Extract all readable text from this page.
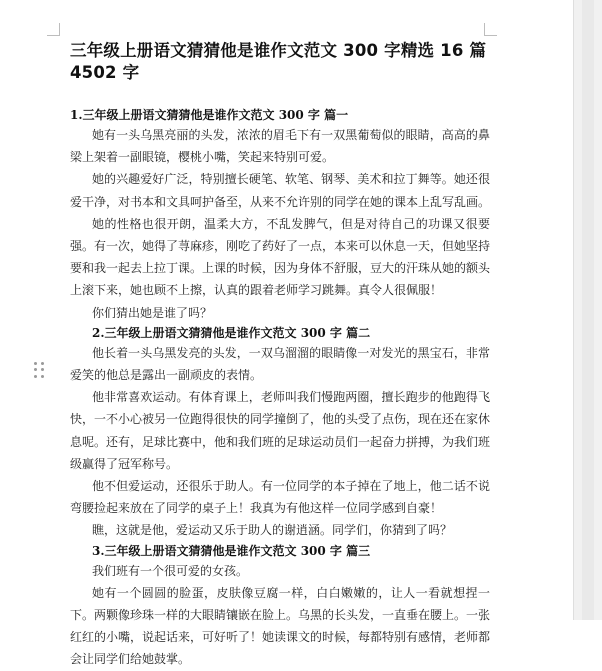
三年级上册语文猜猜他是谁作文范文 300 字精选 16 篇 4502 字
1.三年级上册语文猜猜他是谁作文范文 300 字 篇一

她有一头乌黑亮丽的头发，浓浓的眉毛下有一双黑葡萄似的眼睛，高高的鼻梁上架着一副眼镜，樱桃小嘴，笑起来特别可爱。

她的兴趣爱好广泛，特别擅长硬笔、软笔、钢琴、美术和拉丁舞等。她还很爱干净，对书本和文具呵护备至，从来不允许别的同学在她的课本上乱写乱画。

她的性格也很开朗，温柔大方，不乱发脾气，但是对待自己的功课又很要强。有一次，她得了荨麻疹，刚吃了药好了一点，本来可以休息一天，但她坚持要和我一起去上拉丁课。上课的时候，因为身体不舒服，豆大的汗珠从她的额头上滚下来，她也顾不上擦，认真的跟着老师学习跳舞。真令人很佩服！

你们猜出她是谁了吗？

2.三年级上册语文猜猜他是谁作文范文 300 字 篇二

他长着一头乌黑发亮的头发，一双乌溜溜的眼睛像一对发光的黑宝石，非常爱笑的他总是露出一副顽皮的表情。

他非常喜欢运动。有体育课上，老师叫我们慢跑两圈，擅长跑步的他跑得飞快，一不小心被另一位跑得很快的同学撞倒了，他的头受了点伤，现在还在家休息呢。还有，足球比赛中，他和我们班的足球运动员们一起奋力拼搏，为我们班级赢得了冠军称号。

他不但爱运动，还很乐于助人。有一位同学的本子掉在了地上，他二话不说弯腰捡起来放在了同学的桌子上！我真为有他这样一位同学感到自豪！

瞧，这就是他，爱运动又乐于助人的谢逍涵。同学们，你猜到了吗？

3.三年级上册语文猜猜他是谁作文范文 300 字 篇三

我们班有一个很可爱的女孩。

她有一个圆圆的脸蛋，皮肤像豆腐一样，白白嫩嫩的，让人一看就想捏一下。两颗像珍珠一样的大眼睛镶嵌在脸上。乌黑的长头发，一直垂在腰上。一张红红的小嘴，说起话来，可好听了！她读课文的时候，每都特别有感情，老师都会让同学们给她鼓掌。
